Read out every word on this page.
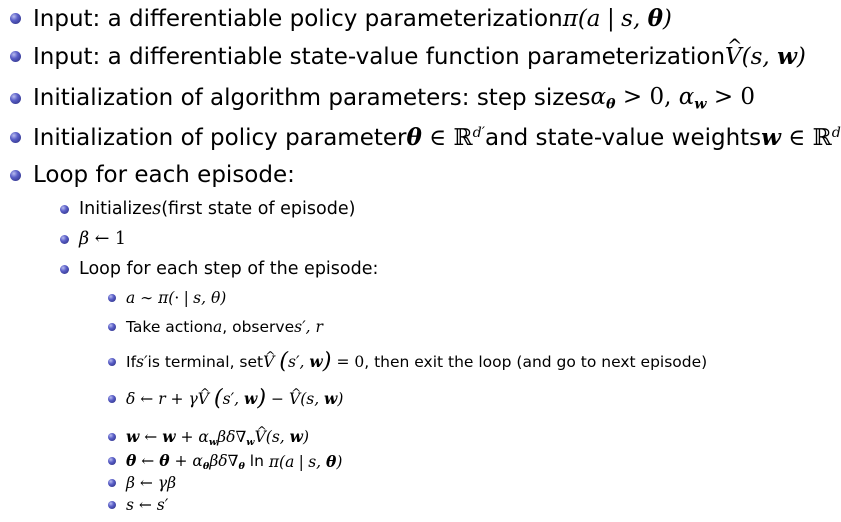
Input: a differentiable policy parameterization π(a | s, θ)
Input: a differentiable state-value function parameterization ^ V(s, w)
Initialization of algorithm parameters: step sizes $\alpha_\theta > 0$, $\alpha_w > 0$
Initialization of policy parameter θ ∈ ℝ$^{d'}$ and state-value weights w ∈ ℝ$^d$
Loop for each episode:
Initialize s (first state of episode)
β ← 1
Loop for each step of the episode:
a ∼ π(· | s, θ)
Take action a , observe s′, r
If s′ is terminal, set ^ V (s′, w) = 0 , then exit the loop (and go to next episode)
δ ← r + γ^ V (s′, w) − ^ V(s, w)
w ← $w + \alpha_w\beta\delta\nabla_w\^{}$ V(s, w)
θ ← $\theta + \alpha_\theta\beta\delta\nabla_\theta$ ln π(a | s, θ)
β ← γβ
s ← s′
